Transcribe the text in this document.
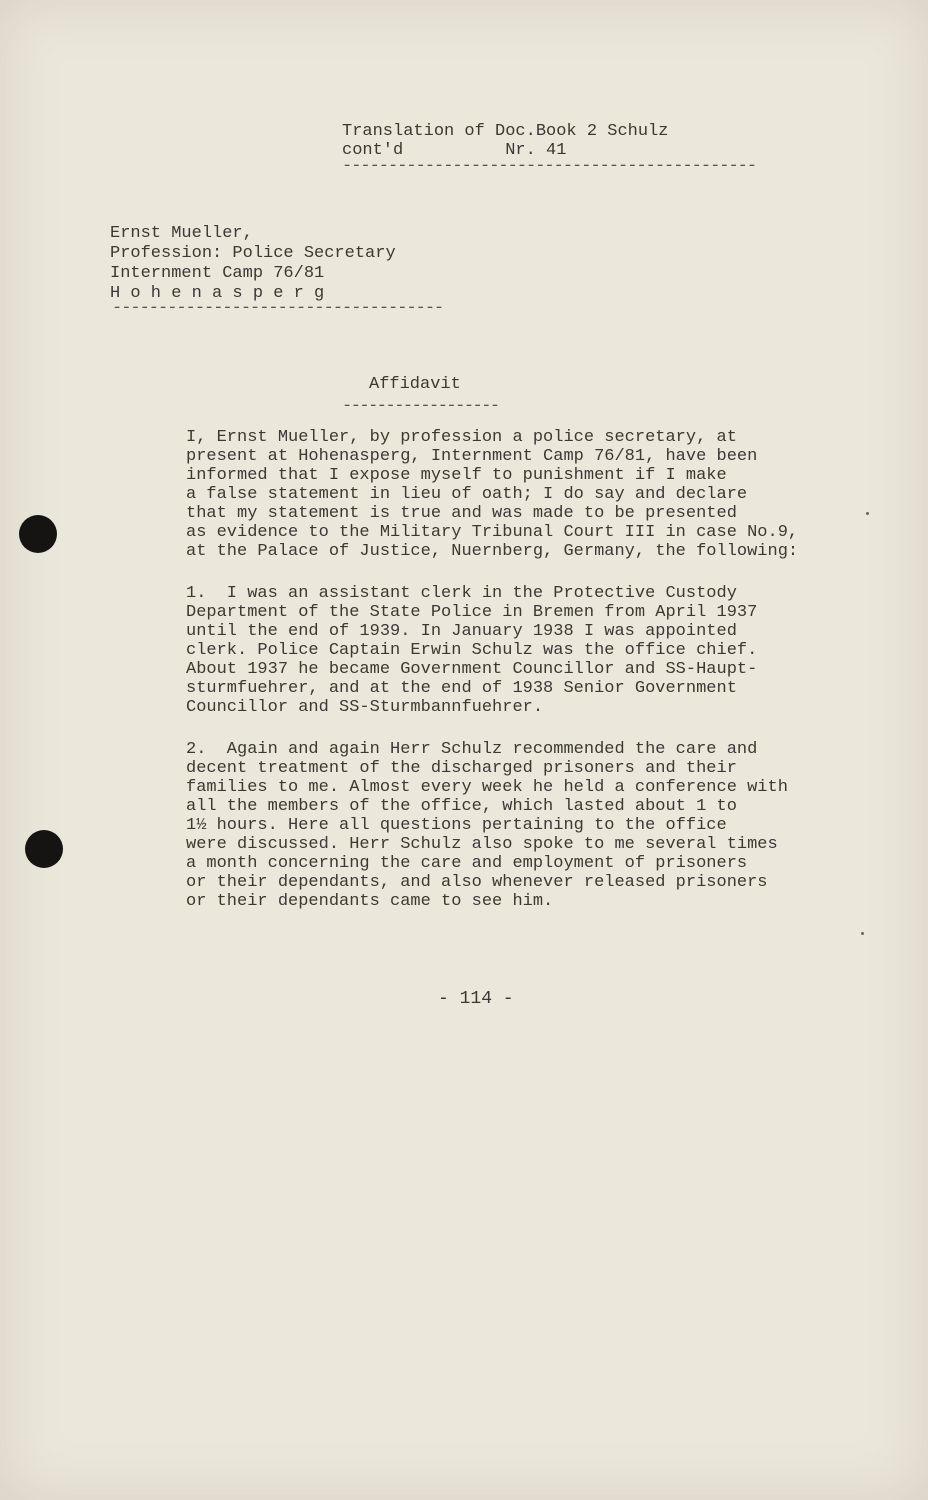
Translation of Doc.Book 2 Schulz
cont'd          Nr. 41
---------------------------------------------
Ernst Mueller,
Profession: Police Secretary
Internment Camp 76/81
H o h e n a s p e r g
------------------------------------
Affidavit
------------------
I, Ernst Mueller, by profession a police secretary, at
present at Hohenasperg, Internment Camp 76/81, have been
informed that I expose myself to punishment if I make
a false statement in lieu of oath; I do say and declare
that my statement is true and was made to be presented
as evidence to the Military Tribunal Court III in case No.9,
at the Palace of Justice, Nuernberg, Germany, the following:
1.  I was an assistant clerk in the Protective Custody
Department of the State Police in Bremen from April 1937
until the end of 1939. In January 1938 I was appointed
clerk. Police Captain Erwin Schulz was the office chief.
About 1937 he became Government Councillor and SS-Haupt-
sturmfuehrer, and at the end of 1938 Senior Government
Councillor and SS-Sturmbannfuehrer.
2.  Again and again Herr Schulz recommended the care and
decent treatment of the discharged prisoners and their
families to me. Almost every week he held a conference with
all the members of the office, which lasted about 1 to
1½ hours. Here all questions pertaining to the office
were discussed. Herr Schulz also spoke to me several times
a month concerning the care and employment of prisoners
or their dependants, and also whenever released prisoners
or their dependants came to see him.
- 114 -
